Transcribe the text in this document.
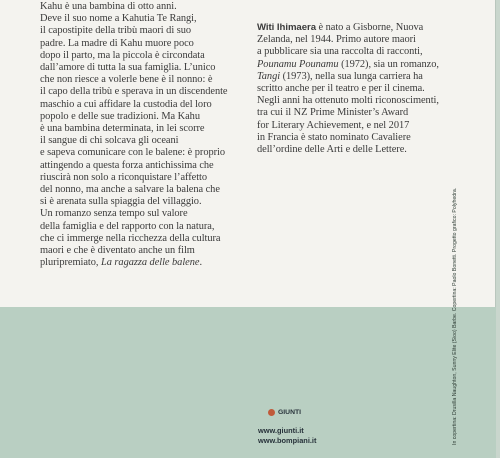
Kahu è una bambina di otto anni.
Deve il suo nome a Kahutia Te Rangi,
il capostipite della tribù maori di suo
padre. La madre di Kahu muore poco
dopo il parto, ma la piccola è circondata
dall’amore di tutta la sua famiglia. L’unico
che non riesce a volerle bene è il nonno: è
il capo della tribù e sperava in un discendente
maschio a cui affidare la custodia del loro
popolo e delle sue tradizioni. Ma Kahu
è una bambina determinata, in lei scorre
il sangue di chi solcava gli oceani
e sapeva comunicare con le balene: è proprio
attingendo a questa forza antichissima che
riuscirà non solo a riconquistare l’affetto
del nonno, ma anche a salvare la balena che
si è arenata sulla spiaggia del villaggio.
Un romanzo senza tempo sul valore
della famiglia e del rapporto con la natura,
che ci immerge nella ricchezza della cultura
maori e che è diventato anche un film
pluripremiato, La ragazza delle balene.
Witi Ihimaera è nato a Gisborne, Nuova
Zelanda, nel 1944. Primo autore maori
a pubblicare sia una raccolta di racconti,
Pounamu Pounamu (1972), sia un romanzo,
Tangi (1973), nella sua lunga carriera ha
scritto anche per il teatro e per il cinema.
Negli anni ha ottenuto molti riconoscimenti,
tra cui il NZ Prime Minister’s Award
for Literary Achievement, e nel 2017
in Francia è stato nominato Cavaliere
dell’ordine delle Arti e delle Lettere.
In copertina: Drusilla Naughton, Sunny Elite (Sioo) Barbe. Copertina: Paolo Bonetti. Progetto grafico: Polyhedra.
GIUNTI
www.giunti.it
www.bompiani.it
